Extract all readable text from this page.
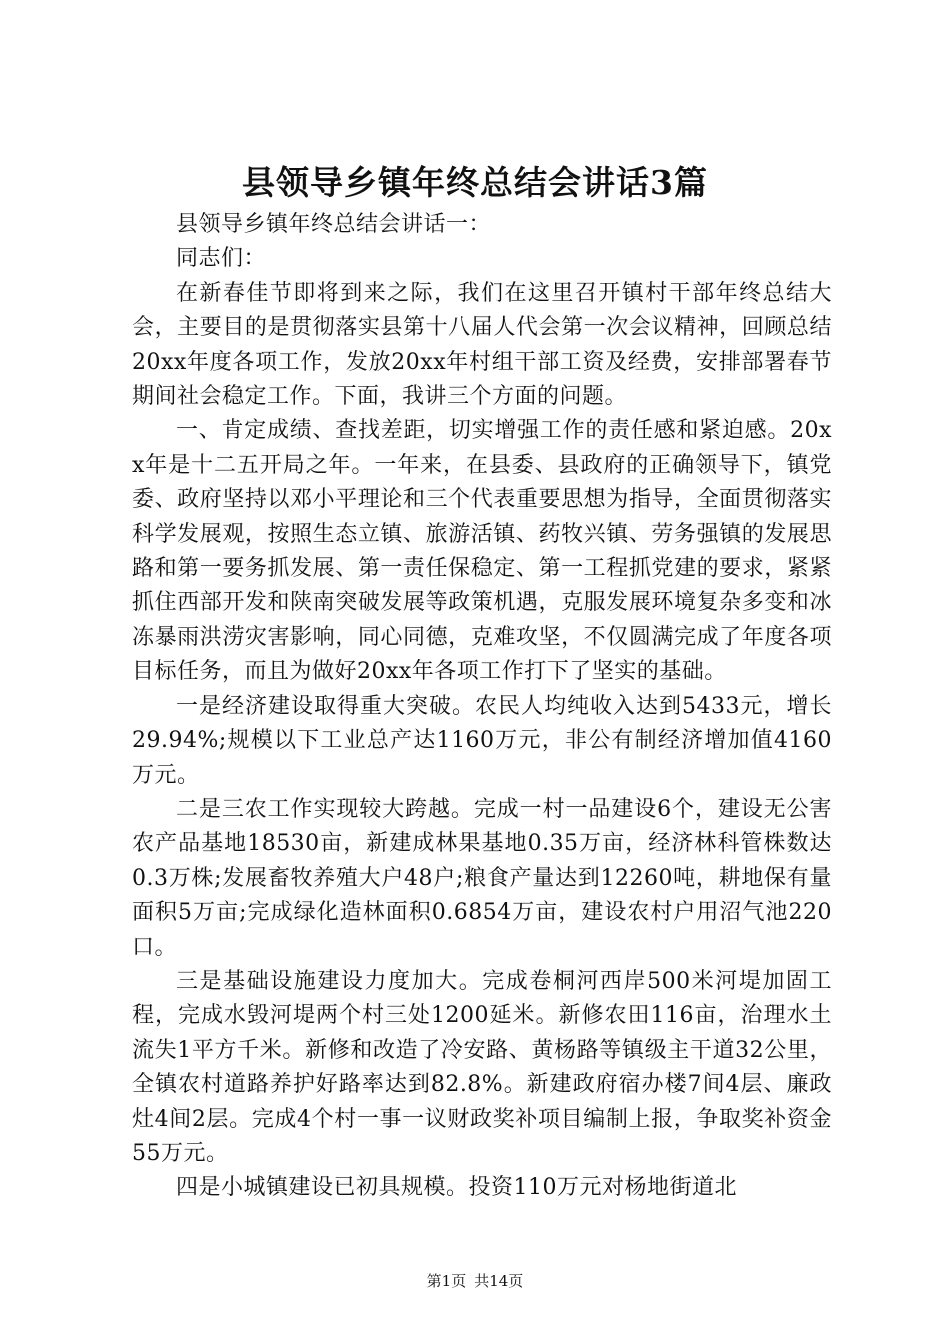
县领导乡镇年终总结会讲话3篇

县领导乡镇年终总结会讲话一：

同志们：

在新春佳节即将到来之际，我们在这里召开镇村干部年终总结大会，主要目的是贯彻落实县第十八届人代会第一次会议精神，回顾总结20xx年度各项工作，发放20xx年村组干部工资及经费，安排部署春节期间社会稳定工作。下面，我讲三个方面的问题。

一、肯定成绩、查找差距，切实增强工作的责任感和紧迫感。20xx年是十二五开局之年。一年来，在县委、县政府的正确领导下，镇党委、政府坚持以邓小平理论和三个代表重要思想为指导，全面贯彻落实科学发展观，按照生态立镇、旅游活镇、药牧兴镇、劳务强镇的发展思路和第一要务抓发展、第一责任保稳定、第一工程抓党建的要求，紧紧抓住西部开发和陕南突破发展等政策机遇，克服发展环境复杂多变和冰冻暴雨洪涝灾害影响，同心同德，克难攻坚，不仅圆满完成了年度各项目标任务，而且为做好20xx年各项工作打下了坚实的基础。

一是经济建设取得重大突破。农民人均纯收入达到5433元，增长29.94%;规模以下工业总产达1160万元，非公有制经济增加值4160万元。

二是三农工作实现较大跨越。完成一村一品建设6个，建设无公害农产品基地18530亩，新建成林果基地0.35万亩，经济林科管株数达0.3万株;发展畜牧养殖大户48户;粮食产量达到12260吨，耕地保有量面积5万亩;完成绿化造林面积0.6854万亩，建设农村户用沼气池220口。

三是基础设施建设力度加大。完成卷桐河西岸500米河堤加固工程，完成水毁河堤两个村三处1200延米。新修农田116亩，治理水土流失1平方千米。新修和改造了冷安路、黄杨路等镇级主干道32公里，全镇农村道路养护好路率达到82.8%。新建政府宿办楼7间4层、廉政灶4间2层。完成4个村一事一议财政奖补项目编制上报，争取奖补资金55万元。

四是小城镇建设已初具规模。投资110万元对杨地街道北

第1页 共14页
